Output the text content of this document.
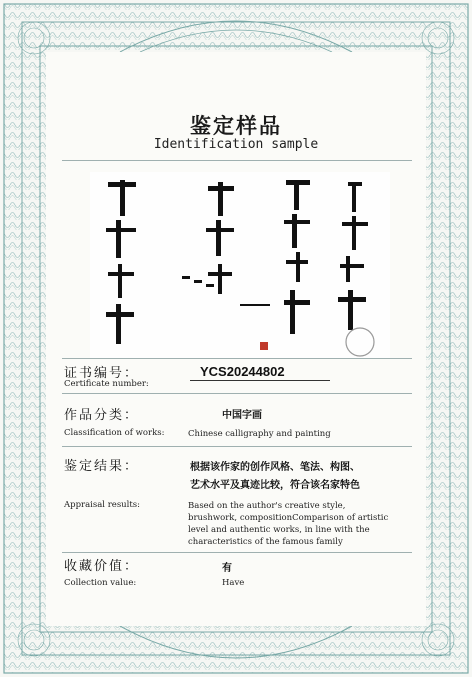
鉴定样品
Identification sample
证书编号：
Certificate number:
YCS20244802
作品分类：
Classification of works:
中国字画
Chinese calligraphy and painting
鉴定结果：	根据该作家的创作风格、笔法、构图、
艺术水平及真迹比较，符合该名家特色
Appraisal results:	Based on the author's creative style,
brushwork, compositionComparison of artistic
level and authentic works, in line with the
characteristics of the famous family
收藏价值：	有
Collection value:	Have
